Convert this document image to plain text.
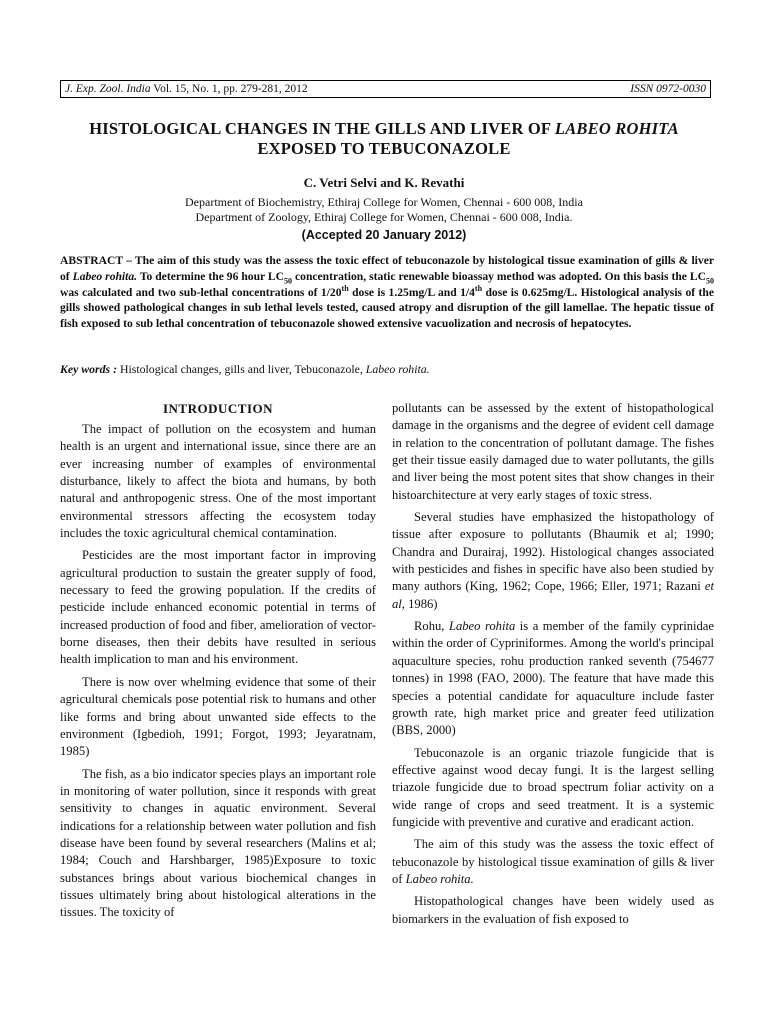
J. Exp. Zool. India Vol. 15, No. 1, pp. 279-281, 2012	ISSN 0972-0030
HISTOLOGICAL CHANGES IN THE GILLS AND LIVER OF LABEO ROHITA
EXPOSED TO TEBUCONAZOLE
C. Vetri Selvi and K. Revathi
Department of Biochemistry, Ethiraj College for Women, Chennai - 600 008, India
Department of Zoology, Ethiraj College for Women, Chennai - 600 008, India.
(Accepted 20 January 2012)

ABSTRACT – The aim of this study was the assess the toxic effect of tebuconazole by histological tissue examination of gills & liver of Labeo rohita. To determine the 96 hour $LC_{50}$ concentration, static renewable bioassay method was adopted. On this basis the $LC_{50}$ was calculated and two sub-lethal concentrations of 1/20th dose is 1.25mg/L and 1/4th dose is 0.625mg/L. Histological analysis of the gills showed pathological changes in sub lethal levels tested, caused atropy and disruption of the gill lamellae. The hepatic tissue of fish exposed to sub lethal concentration of tebuconazole showed extensive vacuolization and necrosis of hepatocytes.

Key words : Histological changes, gills and liver, Tebuconazole, Labeo rohita.

INTRODUCTION

The impact of pollution on the ecosystem and human health is an urgent and international issue, since there are an ever increasing number of examples of environmental disturbance, likely to affect the biota and humans, by both natural and anthropogenic stress. One of the most important environmental stressors affecting the ecosystem today includes the toxic agricultural chemical contamination.

Pesticides are the most important factor in improving agricultural production to sustain the greater supply of food, necessary to feed the growing population. If the credits of pesticide include enhanced economic potential in terms of increased production of food and fiber, amelioration of vector-borne diseases, then their debits have resulted in serious health implication to man and his environment.

There is now over whelming evidence that some of their agricultural chemicals pose potential risk to humans and other like forms and bring about unwanted side effects to the environment (Igbedioh, 1991; Forgot, 1993; Jeyaratnam, 1985)

The fish, as a bio indicator species plays an important role in monitoring of water pollution, since it responds with great sensitivity to changes in aquatic environment. Several indications for a relationship between water pollution and fish disease have been found by several researchers (Malins et al; 1984; Couch and Harshbarger, 1985)Exposure to toxic substances brings about various biochemical changes in tissues ultimately bring about histological alterations in the tissues. The toxicity of

pollutants can be assessed by the extent of histopathological damage in the organisms and the degree of evident cell damage in relation to the concentration of pollutant damage. The fishes get their tissue easily damaged due to water pollutants, the gills and liver being the most potent sites that show changes in their histoarchitecture at very early stages of toxic stress.

Several studies have emphasized the histopathology of tissue after exposure to pollutants (Bhaumik et al; 1990; Chandra and Durairaj, 1992). Histological changes associated with pesticides and fishes in specific have also been studied by many authors (King, 1962; Cope, 1966; Eller, 1971; Razani et al, 1986)

Rohu, Labeo rohita is a member of the family cyprinidae within the order of Cypriniformes. Among the world's principal aquaculture species, rohu production ranked seventh (754677 tonnes) in 1998 (FAO, 2000). The feature that have made this species a potential candidate for aquaculture include faster growth rate, high market price and greater feed utilization (BBS, 2000)

Tebuconazole is an organic triazole fungicide that is effective against wood decay fungi. It is the largest selling triazole fungicide due to broad spectrum foliar activity on a wide range of crops and seed treatment. It is a systemic fungicide with preventive and curative and eradicant action.

The aim of this study was the assess the toxic effect of tebuconazole by histological tissue examination of gills & liver of Labeo rohita.

Histopathological changes have been widely used as biomarkers in the evaluation of fish exposed to
